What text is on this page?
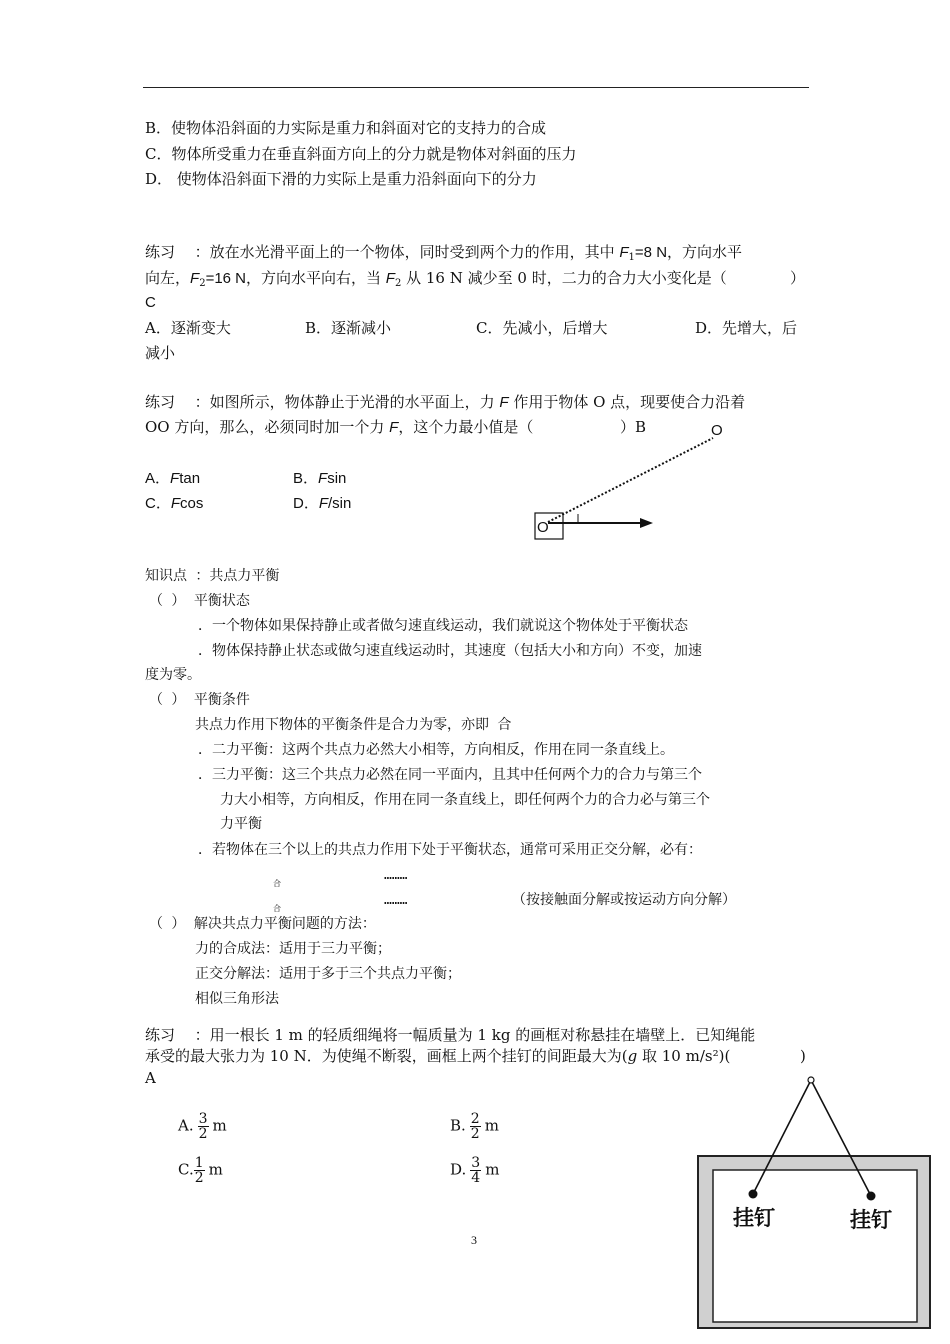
B．使物体沿斜面的力实际是重力和斜面对它的支持力的合成
C．物体所受重力在垂直斜面方向上的分力就是物体对斜面的压力
D． 使物体沿斜面下滑的力实际上是重力沿斜面向下的分力
练习 ：放在水光滑平面上的一个物体，同时受到两个力的作用，其中 $F_1=8$ N，方向水平
向左，$F_2=16$ N，方向水平向右，当 $F_2$ 从 16 N 减少至 0 时，二力的合力大小变化是（	）
C
A．逐渐变大	B．逐渐减小	C．先减小，后增大	D．先增大，后
减小
练习 ：如图所示，物体静止于光滑的水平面上，力 F 作用于物体 O 点，现要使合力沿着
OO 方向，那么，必须同时加一个力 F，这个力最小值是（	）B
A．Ftan	B．Fsin
C．Fcos	D．F/sin
O
O
知识点 ：共点力平衡
（ ） 平衡状态
．一个物体如果保持静止或者做匀速直线运动，我们就说这个物体处于平衡状态
．物体保持静止状态或做匀速直线运动时，其速度（包括大小和方向）不变，加速
度为零。
（ ） 平衡条件
共点力作用下物体的平衡条件是合力为零，亦即 合
．二力平衡：这两个共点力必然大小相等，方向相反，作用在同一条直线上。
．三力平衡：这三个共点力必然在同一平面内，且其中任何两个力的合力与第三个
力大小相等，方向相反，作用在同一条直线上，即任何两个力的合力必与第三个
力平衡
．若物体在三个以上的共点力作用下处于平衡状态，通常可采用正交分解，必有：
………
合
………
合
（按接触面分解或按运动方向分解）
（ ） 解决共点力平衡问题的方法：
力的合成法：适用于三力平衡；
正交分解法：适用于多于三个共点力平衡；
相似三角形法
练习 ：用一根长 1 m 的轻质细绳将一幅质量为 1 kg 的画框对称悬挂在墙壁上．已知绳能
承受的最大张力为 10 N．为使绳不断裂，画框上两个挂钉的间距最大为(g 取 10 m/s²)(	)
A
A. $\frac{3}{2}$ m	B. $\frac{2}{2}$ m
C. $\frac{1}{2}$ m	D. $\frac{3}{4}$ m
挂钉	挂钉
3
